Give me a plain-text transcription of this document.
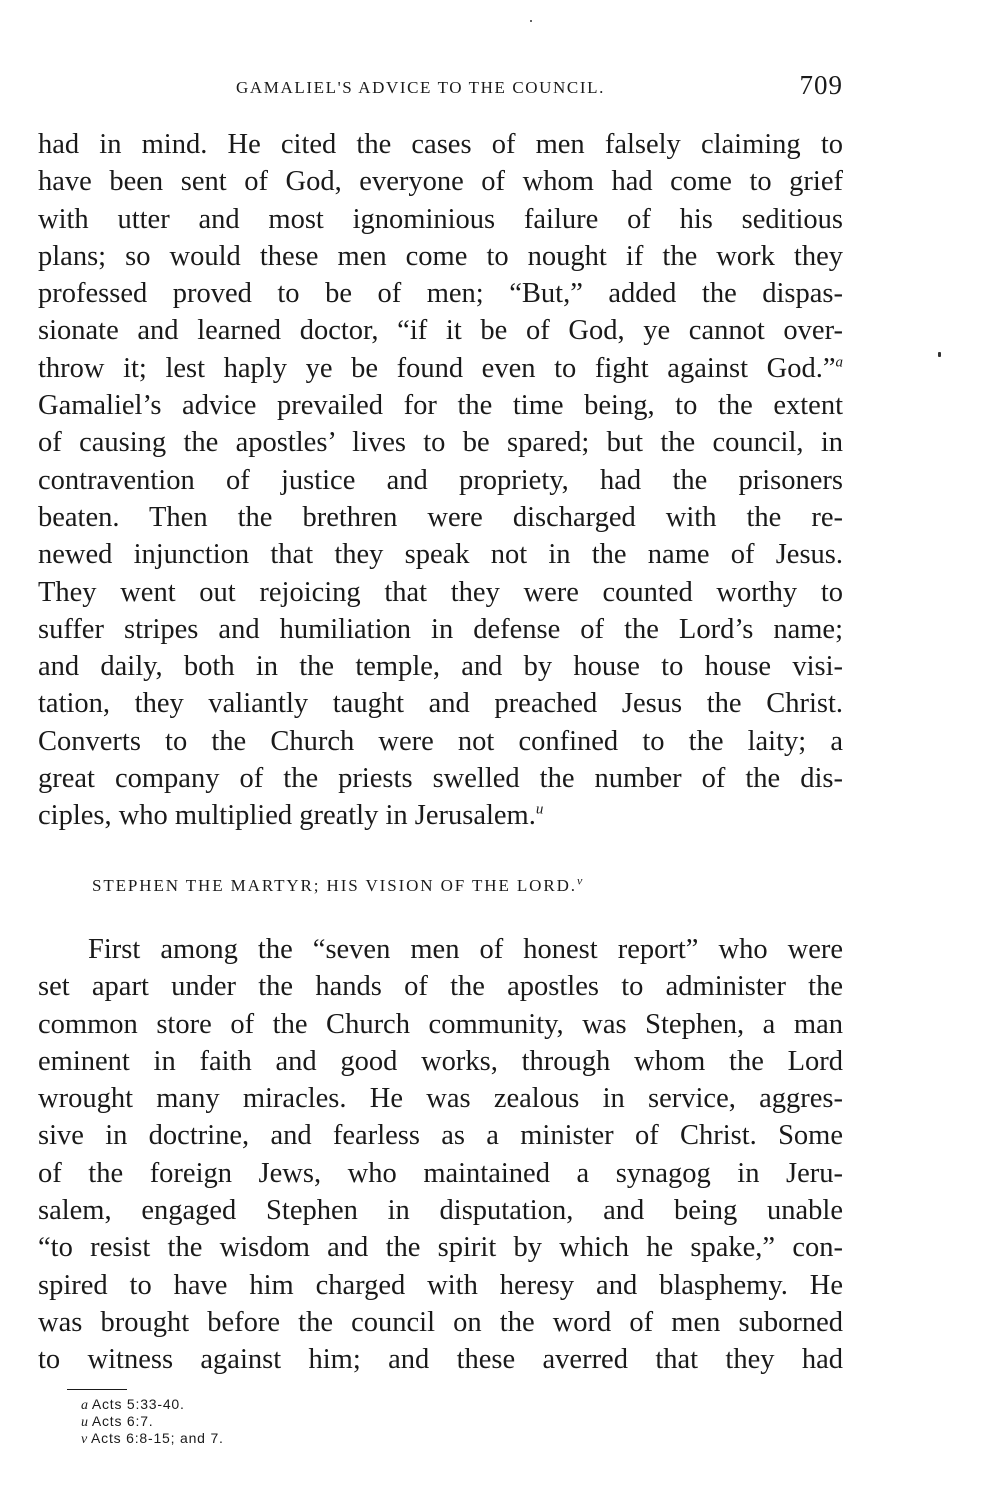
GAMALIEL'S ADVICE TO THE COUNCIL.	709
had in mind. He cited the cases of men falsely claiming to
have been sent of God, everyone of whom had come to grief
with utter and most ignominious failure of his seditious
plans; so would these men come to nought if the work they
professed proved to be of men; “But,” added the dispas-
sionate and learned doctor, “if it be of God, ye cannot over-
throw it; lest haply ye be found even to fight against God.”$^a$
Gamaliel’s advice prevailed for the time being, to the extent
of causing the apostles’ lives to be spared; but the council, in
contravention of justice and propriety, had the prisoners
beaten. Then the brethren were discharged with the re-
newed injunction that they speak not in the name of Jesus.
They went out rejoicing that they were counted worthy to
suffer stripes and humiliation in defense of the Lord’s name;
and daily, both in the temple, and by house to house visi-
tation, they valiantly taught and preached Jesus the Christ.
Converts to the Church were not confined to the laity; a
great company of the priests swelled the number of the dis-
ciples, who multiplied greatly in Jerusalem.$^u$
STEPHEN THE MARTYR; HIS VISION OF THE LORD.$^v$
First among the “seven men of honest report” who were
set apart under the hands of the apostles to administer the
common store of the Church community, was Stephen, a man
eminent in faith and good works, through whom the Lord
wrought many miracles. He was zealous in service, aggres-
sive in doctrine, and fearless as a minister of Christ. Some
of the foreign Jews, who maintained a synagog in Jeru-
salem, engaged Stephen in disputation, and being unable
“to resist the wisdom and the spirit by which he spake,” con-
spired to have him charged with heresy and blasphemy. He
was brought before the council on the word of men suborned
to witness against him; and these averred that they had
a Acts 5:33-40.
u Acts 6:7.
v Acts 6:8-15; and 7.
